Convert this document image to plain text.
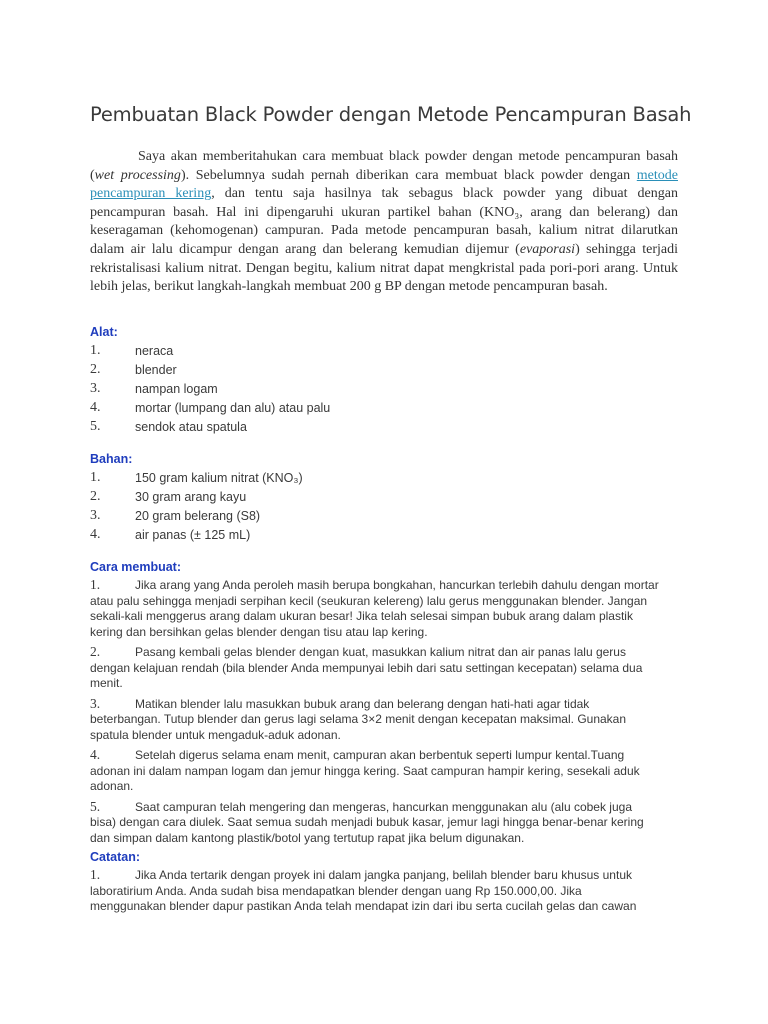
Pembuatan Black Powder dengan Metode Pencampuran Basah

Saya akan memberitahukan cara membuat black powder dengan metode pencampuran basah (wet processing). Sebelumnya sudah pernah diberikan cara membuat black powder dengan metode pencampuran kering, dan tentu saja hasilnya tak sebagus black powder yang dibuat dengan pencampuran basah. Hal ini dipengaruhi ukuran partikel bahan (KNO₃, arang dan belerang) dan keseragaman (kehomogenan) campuran. Pada metode pencampuran basah, kalium nitrat dilarutkan dalam air lalu dicampur dengan arang dan belerang kemudian dijemur (evaporasi) sehingga terjadi rekristalisasi kalium nitrat. Dengan begitu, kalium nitrat dapat mengkristal pada pori-pori arang. Untuk lebih jelas, berikut langkah-langkah membuat 200 g BP dengan metode pencampuran basah.

Alat:
1.	neraca
2.	blender
3.	nampan logam
4.	mortar (lumpang dan alu) atau palu
5.	sendok atau spatula
Bahan:
1.	150 gram kalium nitrat (KNO₃)
2.	30 gram arang kayu
3.	20 gram belerang (S8)
4.	air panas (± 125 mL)
Cara membuat:
1.	Jika arang yang Anda peroleh masih berupa bongkahan, hancurkan terlebih dahulu dengan mortar atau palu sehingga menjadi serpihan kecil (seukuran kelereng) lalu gerus menggunakan blender. Jangan sekali-kali menggerus arang dalam ukuran besar! Jika telah selesai simpan bubuk arang dalam plastik kering dan bersihkan gelas blender dengan tisu atau lap kering.
2.	Pasang kembali gelas blender dengan kuat, masukkan kalium nitrat dan air panas lalu gerus dengan kelajuan rendah (bila blender Anda mempunyai lebih dari satu settingan kecepatan) selama dua menit.
3.	Matikan blender lalu masukkan bubuk arang dan belerang dengan hati-hati agar tidak beterbangan. Tutup blender dan gerus lagi selama 3×2 menit dengan kecepatan maksimal. Gunakan spatula blender untuk mengaduk-aduk adonan.
4.	Setelah digerus selama enam menit, campuran akan berbentuk seperti lumpur kental.Tuang adonan ini dalam nampan logam dan jemur hingga kering. Saat campuran hampir kering, sesekali aduk adonan.
5.	Saat campuran telah mengering dan mengeras, hancurkan menggunakan alu (alu cobek juga bisa) dengan cara diulek. Saat semua sudah menjadi bubuk kasar, jemur lagi hingga benar-benar kering dan simpan dalam kantong plastik/botol yang tertutup rapat jika belum digunakan.
Catatan:
1.	Jika Anda tertarik dengan proyek ini dalam jangka panjang, belilah blender baru khusus untuk laboratirium Anda. Anda sudah bisa mendapatkan blender dengan uang Rp 150.000,00. Jika menggunakan blender dapur pastikan Anda telah mendapat izin dari ibu serta cucilah gelas dan cawan
